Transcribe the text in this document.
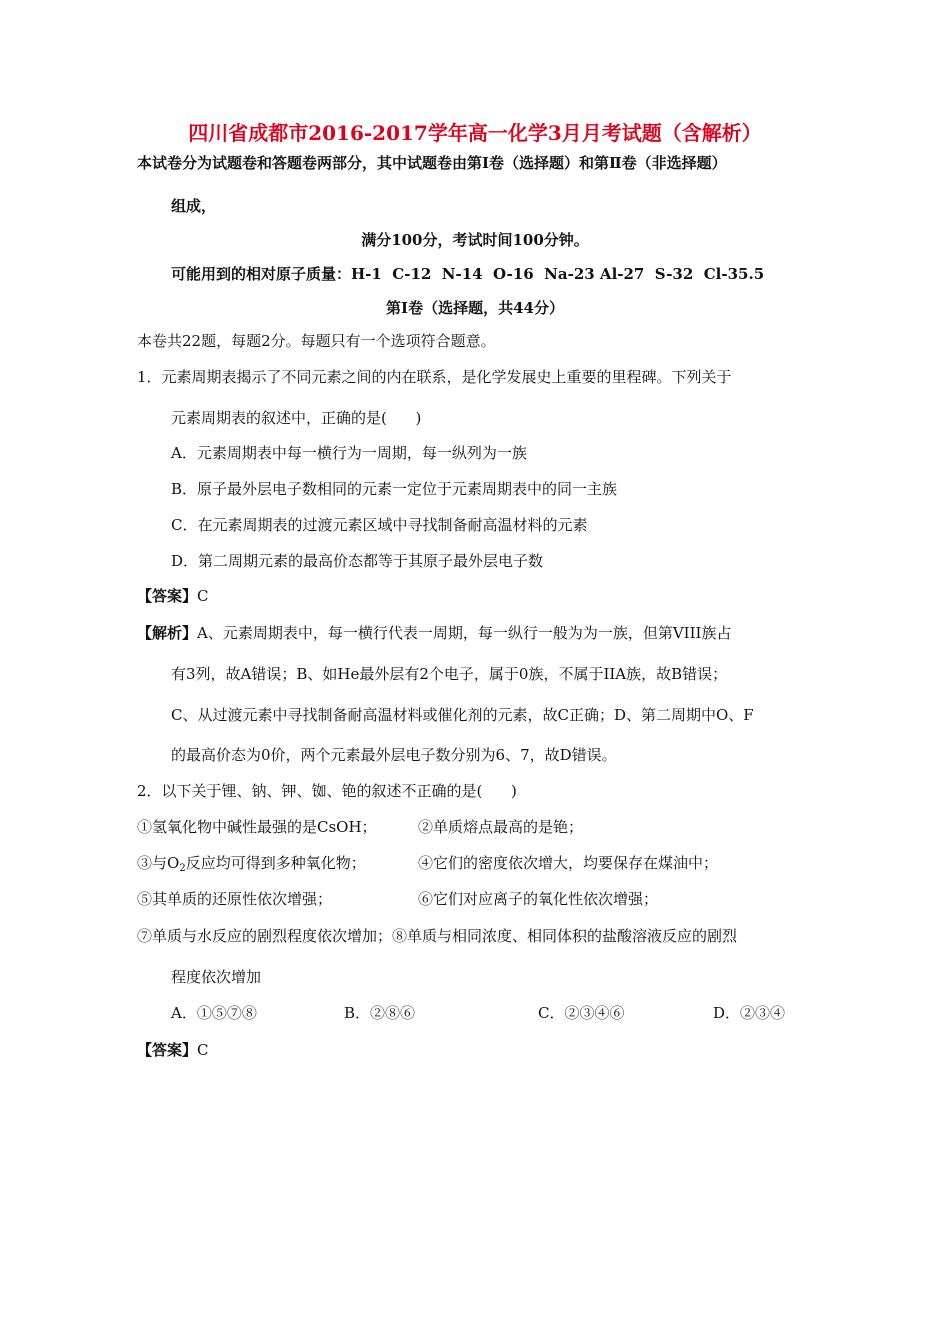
四川省成都市2016-2017学年高一化学3月月考试题（含解析）
本试卷分为试题卷和答题卷两部分，其中试题卷由第Ⅰ卷（选择题）和第Ⅱ卷（非选择题）
组成，
满分100分，考试时间100分钟。
可能用到的相对原子质量：H-1  C-12  N-14  O-16  Na-23 Al-27  S-32  Cl-35.5
第Ⅰ卷（选择题，共44分）
本卷共22题，每题2分。每题只有一个选项符合题意。
1．元素周期表揭示了不同元素之间的内在联系，是化学发展史上重要的里程碑。下列关于
元素周期表的叙述中，正确的是(      )
A．元素周期表中每一横行为一周期，每一纵列为一族
B．原子最外层电子数相同的元素一定位于元素周期表中的同一主族
C．在元素周期表的过渡元素区域中寻找制备耐高温材料的元素
D．第二周期元素的最高价态都等于其原子最外层电子数
【答案】C
【解析】A、元素周期表中，每一横行代表一周期，每一纵行一般为为一族，但第VIII族占
有3列，故A错误；B、如He最外层有2个电子，属于0族，不属于IIA族，故B错误；
C、从过渡元素中寻找制备耐高温材料或催化剂的元素，故C正确；D、第二周期中O、F
的最高价态为0价，两个元素最外层电子数分别为6、7，故D错误。
2．以下关于锂、钠、钾、铷、铯的叙述不正确的是(      )
①氢氧化物中碱性最强的是CsOH；	②单质熔点最高的是铯；
③与$O_2$反应均可得到多种氧化物；	④它们的密度依次增大，均要保存在煤油中；
⑤其单质的还原性依次增强；	⑥它们对应离子的氧化性依次增强；
⑦单质与水反应的剧烈程度依次增加；⑧单质与相同浓度、相同体积的盐酸溶液反应的剧烈
程度依次增加
A．①⑤⑦⑧	B．②⑧⑥	C．②③④⑥	D．②③④
【答案】C
